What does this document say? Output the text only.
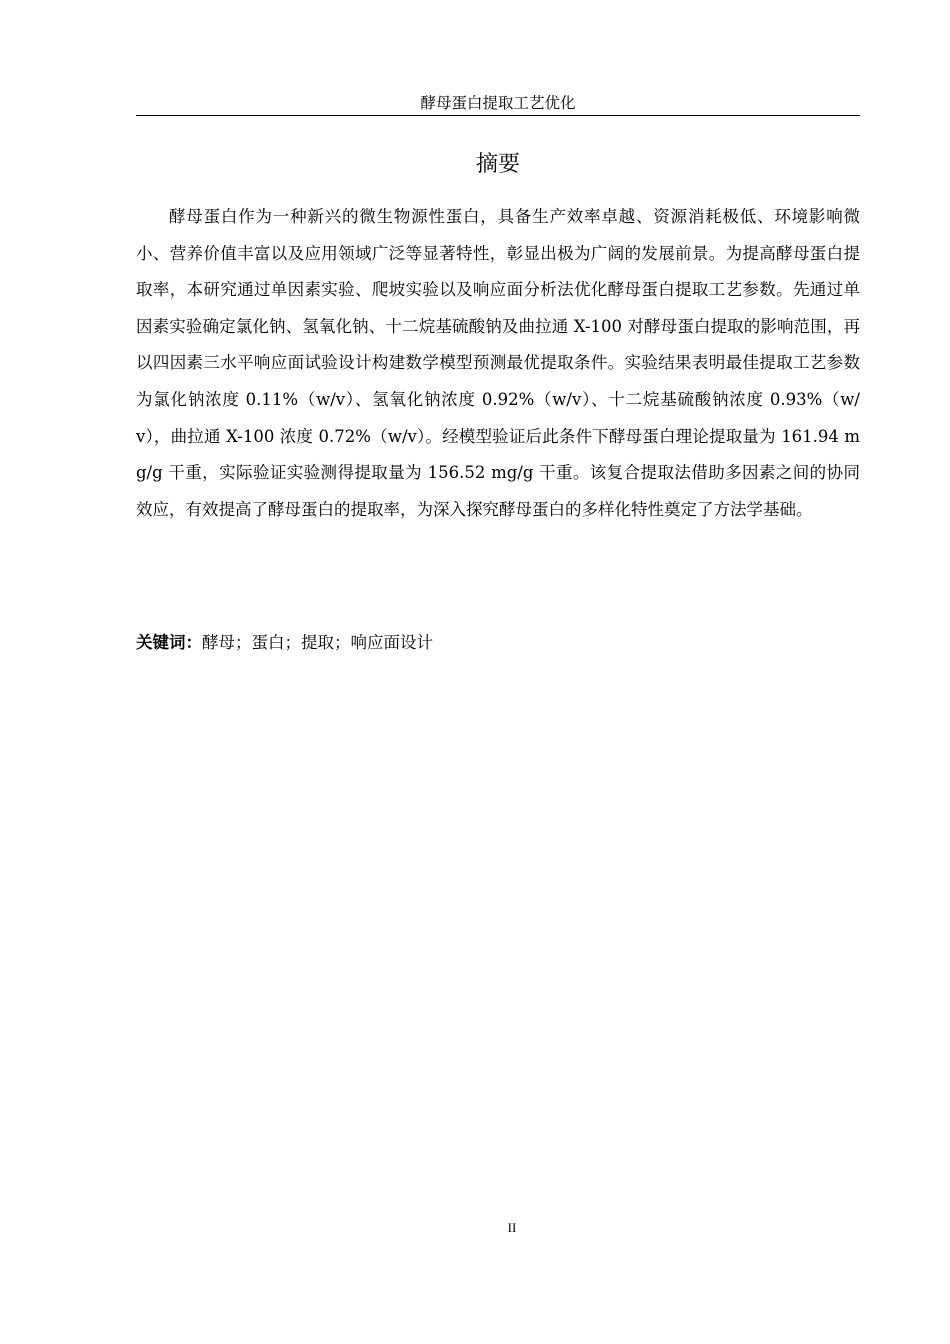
酵母蛋白提取工艺优化
摘要

酵母蛋白作为一种新兴的微生物源性蛋白，具备生产效率卓越、资源消耗极低、环境影响微小、营养价值丰富以及应用领域广泛等显著特性，彰显出极为广阔的发展前景。为提高酵母蛋白提取率，本研究通过单因素实验、爬坡实验以及响应面分析法优化酵母蛋白提取工艺参数。先通过单因素实验确定氯化钠、氢氧化钠、十二烷基硫酸钠及曲拉通 X-100 对酵母蛋白提取的影响范围，再以四因素三水平响应面试验设计构建数学模型预测最优提取条件。实验结果表明最佳提取工艺参数为氯化钠浓度 0.11%（w/v）、氢氧化钠浓度 0.92%（w/v）、十二烷基硫酸钠浓度 0.93%（w/v），曲拉通 X-100 浓度 0.72%（w/v）。经模型验证后此条件下酵母蛋白理论提取量为 161.94 mg/g 干重，实际验证实验测得提取量为 156.52 mg/g 干重。该复合提取法借助多因素之间的协同效应，有效提高了酵母蛋白的提取率，为深入探究酵母蛋白的多样化特性奠定了方法学基础。

关键词：酵母；蛋白；提取；响应面设计
II
